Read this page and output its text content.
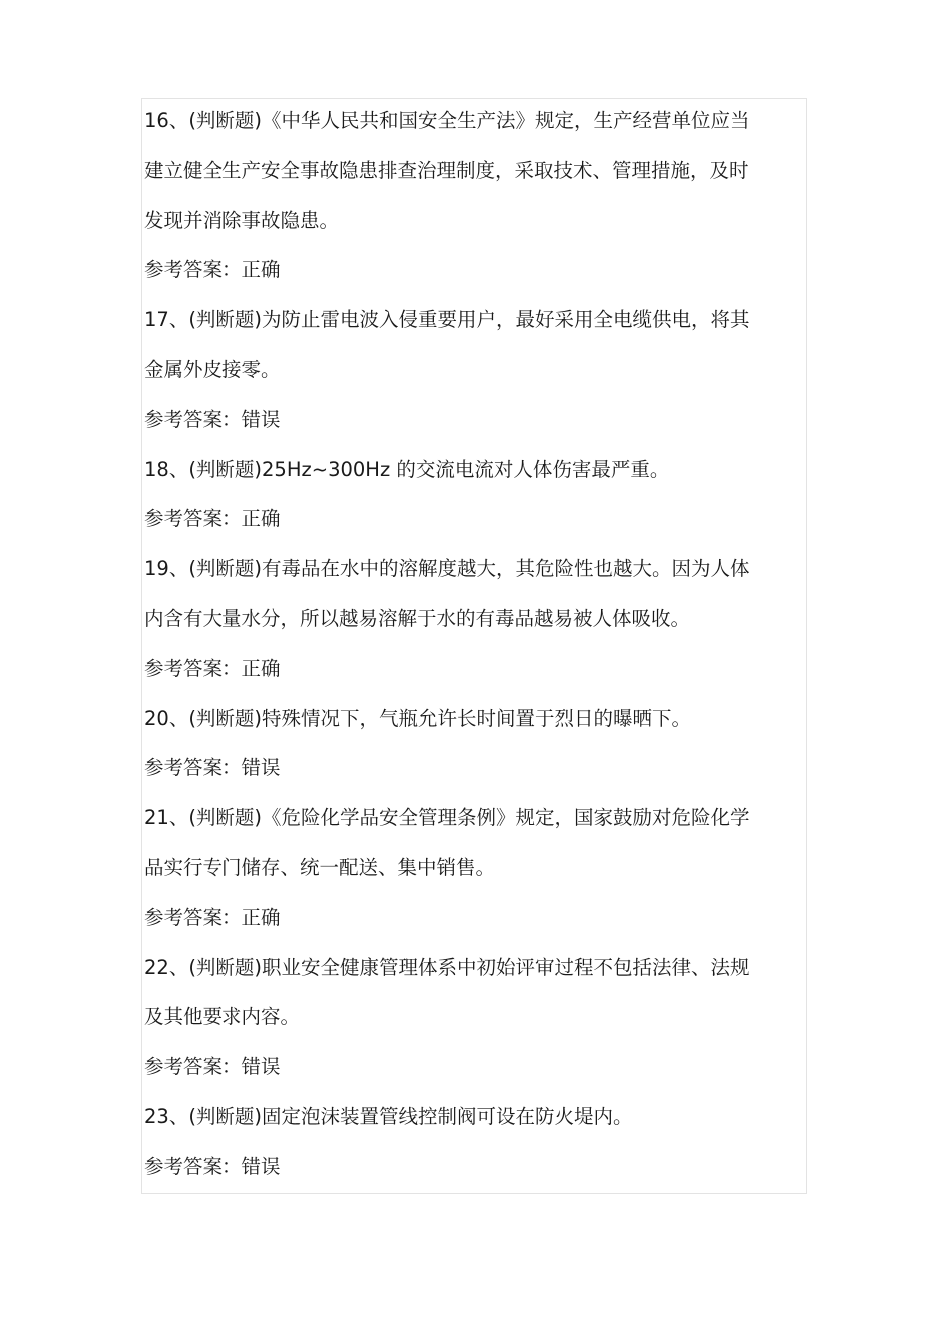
16、(判断题)《中华人民共和国安全生产法》规定，生产经营单位应当
建立健全生产安全事故隐患排查治理制度，采取技术、管理措施，及时
发现并消除事故隐患。
参考答案：正确
17、(判断题)为防止雷电波入侵重要用户，最好采用全电缆供电，将其
金属外皮接零。
参考答案：错误
18、(判断题)25Hz~300Hz 的交流电流对人体伤害最严重。
参考答案：正确
19、(判断题)有毒品在水中的溶解度越大，其危险性也越大。因为人体
内含有大量水分，所以越易溶解于水的有毒品越易被人体吸收。
参考答案：正确
20、(判断题)特殊情况下，气瓶允许长时间置于烈日的曝晒下。
参考答案：错误
21、(判断题)《危险化学品安全管理条例》规定，国家鼓励对危险化学
品实行专门储存、统一配送、集中销售。
参考答案：正确
22、(判断题)职业安全健康管理体系中初始评审过程不包括法律、法规
及其他要求内容。
参考答案：错误
23、(判断题)固定泡沫装置管线控制阀可设在防火堤内。
参考答案：错误
